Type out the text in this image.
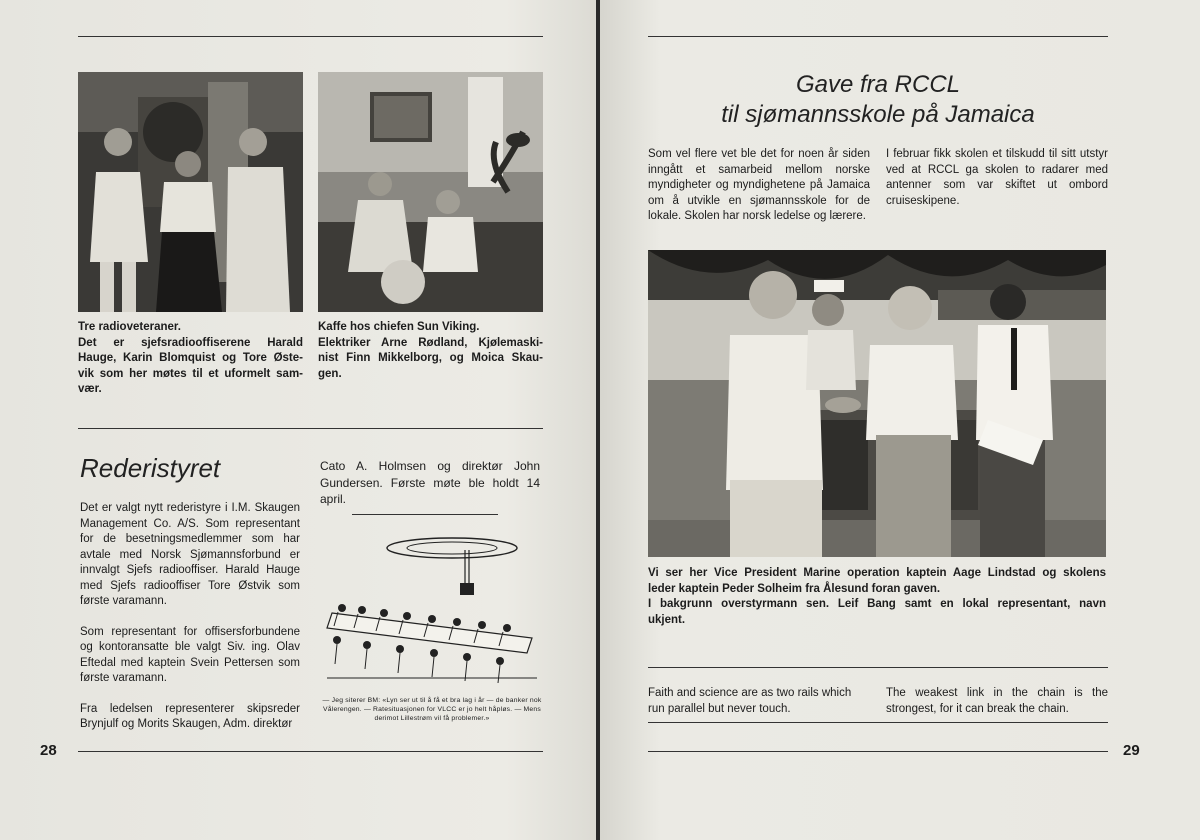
Tre radioveteraner.
Det er sjefsradiooffiserene Harald
Hauge, Karin Blomquist og Tore Øste-
vik som her møtes til et uformelt sam-
vær.
Kaffe hos chiefen Sun Viking.
Elektriker Arne Rødland, Kjølemaski-
nist Finn Mikkelborg, og Moica Skau-
gen.
Rederistyret

Det er valgt nytt rederistyre i I.M. Skaugen Management Co. A/S. Som representant for de besetningsmedlemmer som har avtale med Norsk Sjømannsforbund er innvalgt Sjefs radiooffiser. Harald Hauge med Sjefs radiooffiser Tore Østvik som første varamann.

Som representant for offisersforbundene og kontoransatte ble valgt Siv. ing. Olav Eftedal med kaptein Svein Pettersen som første varamann.

Fra ledelsen representerer skipsreder Brynjulf og Morits Skaugen, Adm. direktør

Cato A. Holmsen og direktør John Gundersen. Første møte ble holdt 14 april.

— Jeg siterer BM: «Lyn ser ut til å få et bra lag i år — de banker nok Vålerengen. — Ratesituasjonen for VLCC er jo helt håpløs. — Mens derimot Lillestrøm vil få problemer.»
28
Gave fra RCCL
til sjømannsskole på Jamaica

Som vel flere vet ble det for noen år siden inngått et samarbeid mellom norske myndigheter og myndighetene på Jamaica om å utvikle en sjømannsskole for de lokale. Skolen har norsk ledelse og lærere.

I februar fikk skolen et tilskudd til sitt utstyr ved at RCCL ga skolen to radarer med antenner som var skiftet ut ombord cruiseskipene.

Vi ser her Vice President Marine operation kaptein Aage Lindstad og skolens
leder kaptein Peder Solheim fra Ålesund foran gaven.
I bakgrunn overstyrmann sen. Leif Bang samt en lokal representant, navn
ukjent.
Faith and science are as two rails which run parallel but never touch.
The weakest link in the chain is the strongest, for it can break the chain.
29
